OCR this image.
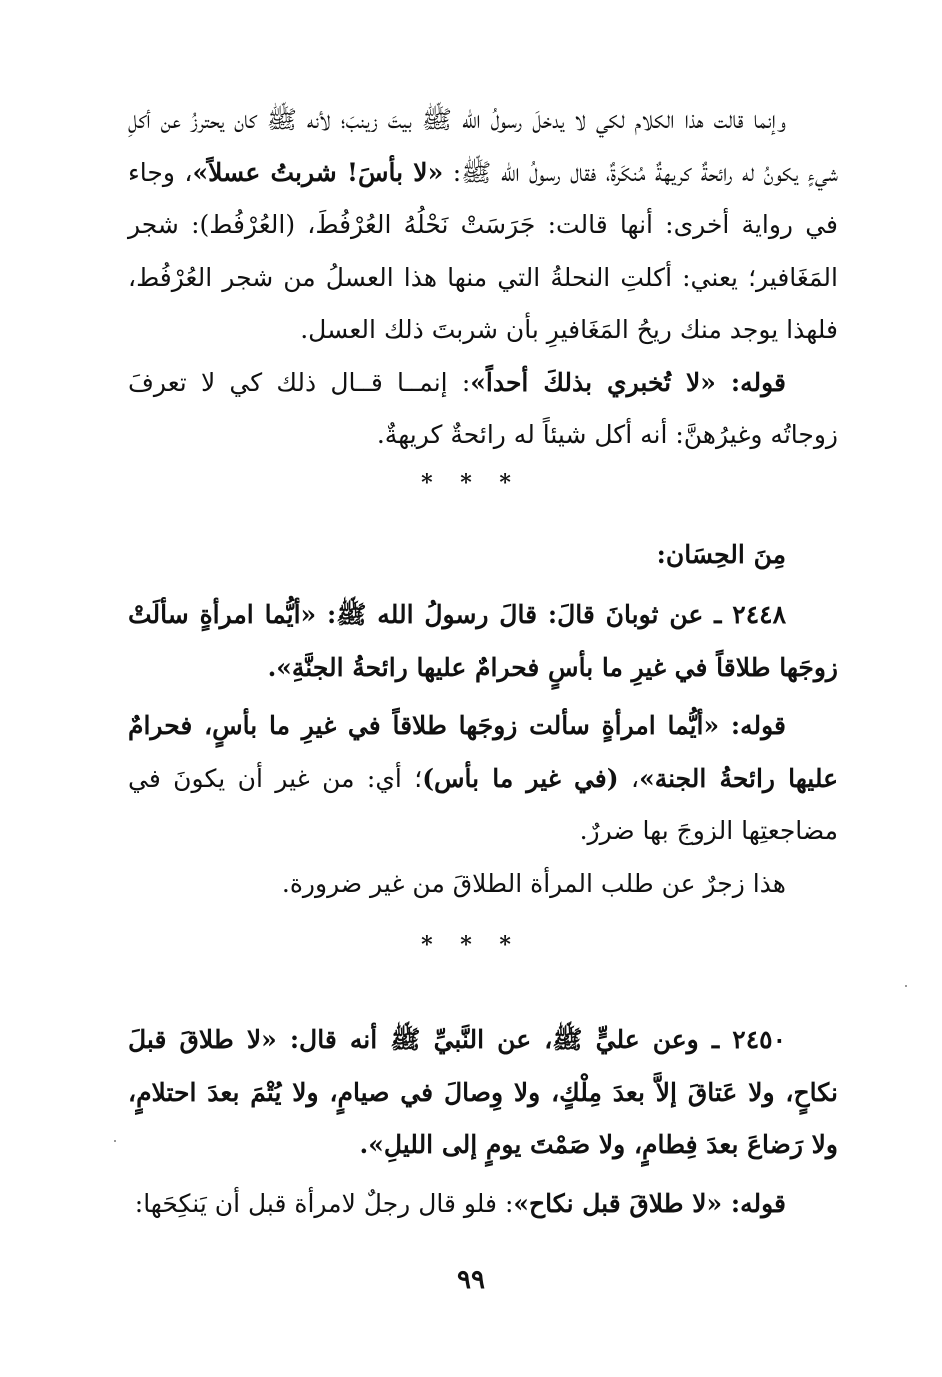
وإنما قالت هذا الكلام لكي لا يدخلَ رسولُ الله ﷺ بيتَ زينبَ؛ لأنه ﷺ كان يحترزُ عن أكلِ شيءٍ يكونُ له رائحةٌ كريهةٌ مُنكَرةٌ، فقال رسولُ الله ﷺ: «لا بأسَ! شربتُ عسلاً»، وجاء في رواية أخرى: أنها قالت: جَرَسَتْ نَحْلُهُ العُرْفُطَ، (العُرْفُط): شجر المَغَافير؛ يعني: أكلتِ النحلةُ التي منها هذا العسلُ من شجر العُرْفُط، فلهذا يوجد منك ريحُ المَغَافيرِ بأن شربتَ ذلك العسل.

قوله: «لا تُخبري بذلكَ أحداً»: إنمــا قــال ذلك كي لا تعرفَ زوجاتُه وغيرُهنَّ: أنه أكل شيئاً له رائحةٌ كريهةٌ.

* * *
مِنَ الحِسَان:

٢٤٤٨ ـ عن ثوبانَ قالَ: قالَ رسولُ الله ﷺ: «أيُّما امرأةٍ سألَتْ زوجَها طلاقاً في غيرِ ما بأسٍ فحرامٌ عليها رائحةُ الجنَّةِ».

قوله: «أيُّما امرأةٍ سألت زوجَها طلاقاً في غيرِ ما بأسٍ، فحرامٌ عليها رائحةُ الجنة»، (في غير ما بأس)؛ أي: من غير أن يكونَ في مضاجعتِها الزوجَ بها ضررٌ.

هذا زجرٌ عن طلب المرأة الطلاقَ من غير ضرورة.

* * *

٢٤٥٠ ـ وعن عليٍّ ﷺ، عن النَّبيِّ ﷺ أنه قال: «لا طلاقَ قبلَ نكاحٍ، ولا عَتاقَ إلاَّ بعدَ مِلْكٍ، ولا وِصالَ في صيامٍ، ولا يُتْمَ بعدَ احتلامٍ، ولا رَضاعَ بعدَ فِطامٍ، ولا صَمْتَ يومٍ إلى الليلِ».

قوله: «لا طلاقَ قبل نكاح»: فلو قال رجلٌ لامرأة قبل أن يَنكِحَها:

٩٩
